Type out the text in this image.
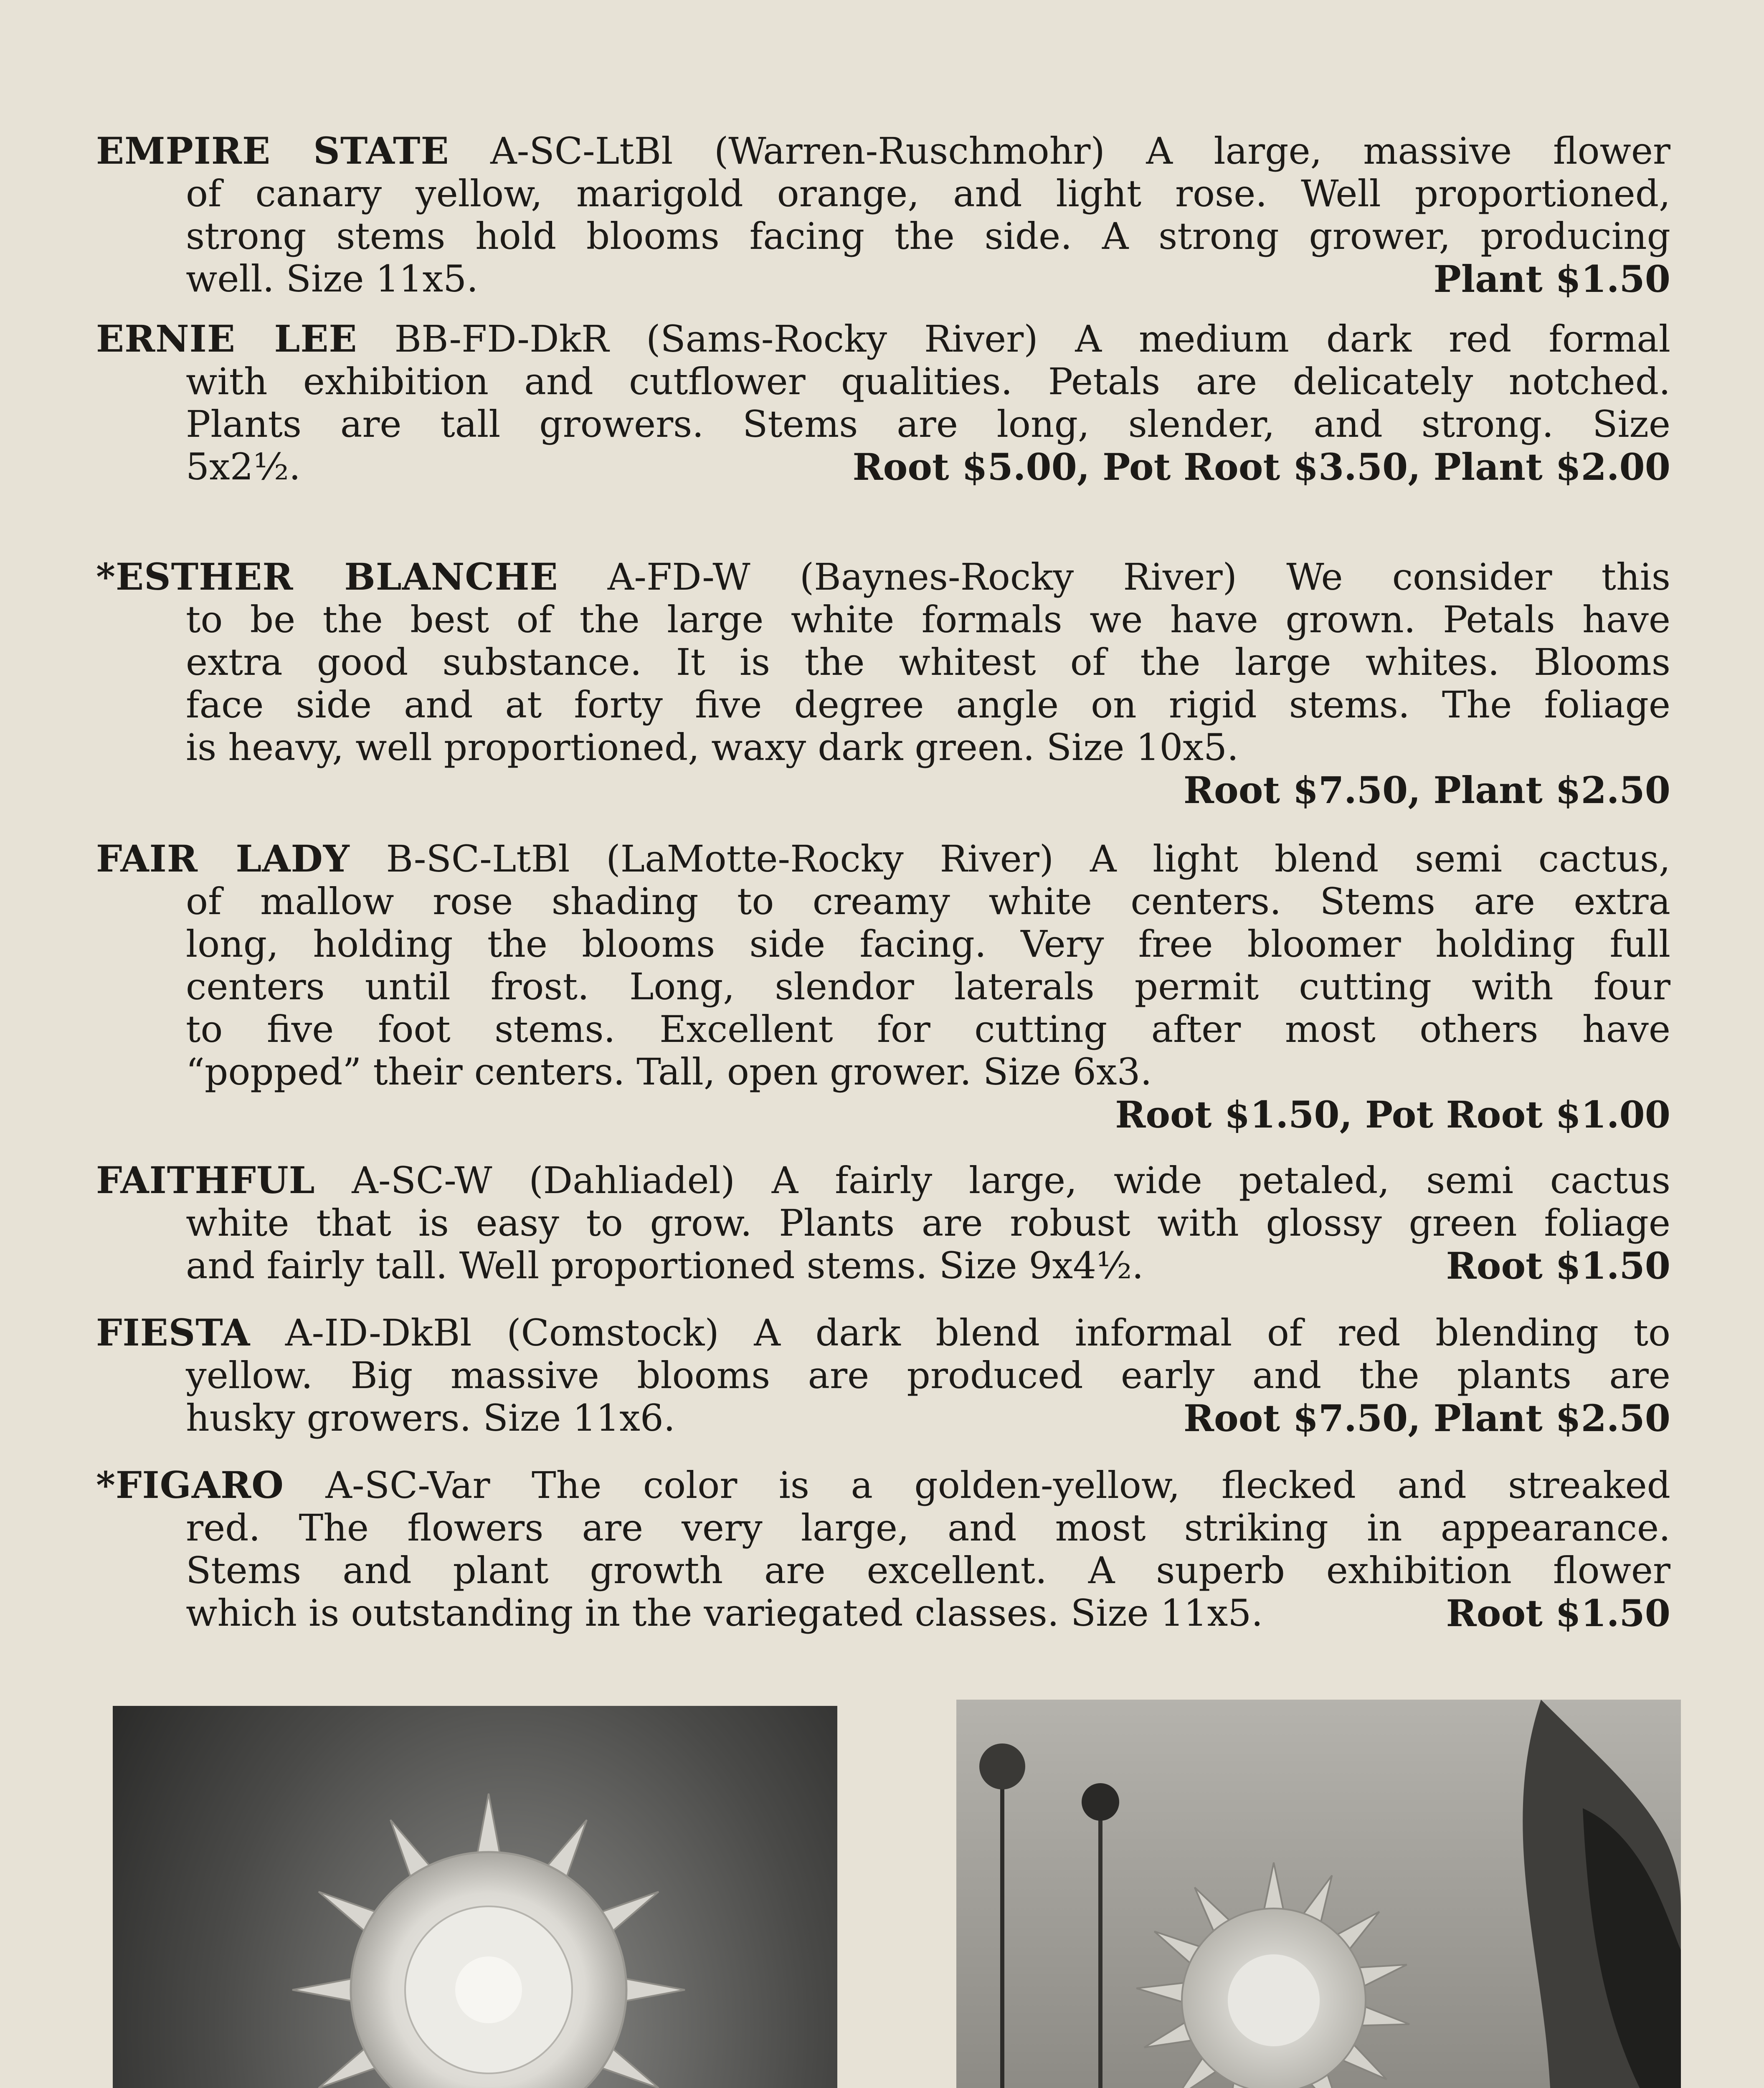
EMPIRE STATE A-SC-LtBl (Warren-Ruschmohr) A large, massive flower
of canary yellow, marigold orange, and light rose. Well proportioned,
strong stems hold blooms facing the side. A strong grower, producing
well. Size 11x5.	Plant $1.50
ERNIE LEE BB-FD-DkR (Sams-Rocky River) A medium dark red formal
with exhibition and cutflower qualities. Petals are delicately notched.
Plants are tall growers. Stems are long, slender, and strong. Size
5x2½.	Root $5.00, Pot Root $3.50, Plant $2.00
*ESTHER BLANCHE A-FD-W (Baynes-Rocky River) We consider this
to be the best of the large white formals we have grown. Petals have
extra good substance. It is the whitest of the large whites. Blooms
face side and at forty five degree angle on rigid stems. The foliage
is heavy, well proportioned, waxy dark green. Size 10x5.
Root $7.50, Plant $2.50
FAIR LADY B-SC-LtBl (LaMotte-Rocky River) A light blend semi cactus,
of mallow rose shading to creamy white centers. Stems are extra
long, holding the blooms side facing. Very free bloomer holding full
centers until frost. Long, slendor laterals permit cutting with four
to five foot stems. Excellent for cutting after most others have
“popped” their centers. Tall, open grower. Size 6x3.
Root $1.50, Pot Root $1.00
FAITHFUL A-SC-W (Dahliadel) A fairly large, wide petaled, semi cactus
white that is easy to grow. Plants are robust with glossy green foliage
and fairly tall. Well proportioned stems. Size 9x4½.	Root $1.50
FIESTA A-ID-DkBl (Comstock) A dark blend informal of red blending to
yellow. Big massive blooms are produced early and the plants are
husky growers. Size 11x6.	Root $7.50, Plant $2.50
*FIGARO A-SC-Var The color is a golden-yellow, flecked and streaked
red. The flowers are very large, and most striking in appearance.
Stems and plant growth are excellent. A superb exhibition flower
which is outstanding in the variegated classes. Size 11x5.	Root $1.50
